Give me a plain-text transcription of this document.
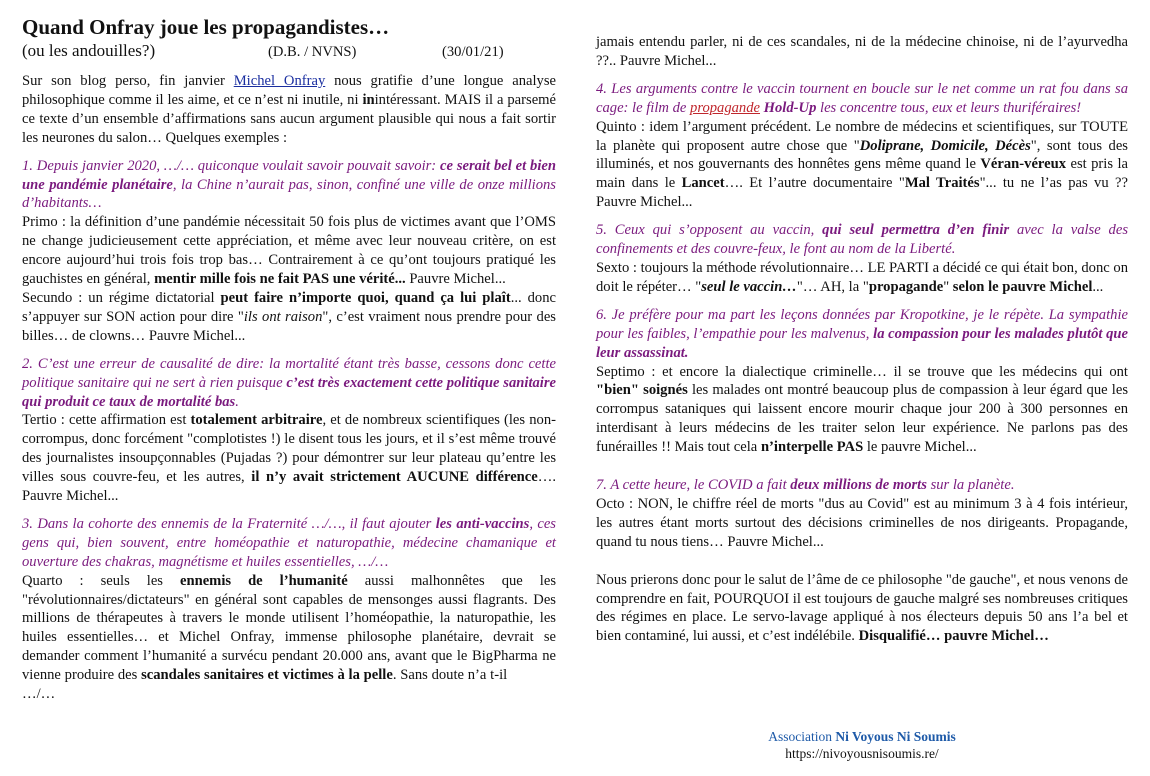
Quand Onfray joue les propagandistes…
(ou les andouilles?)	(D.B. / NVNS)	(30/01/21)

Sur son blog perso, fin janvier Michel Onfray nous gratifie d’une longue analyse philosophique comme il les aime, et ce n’est ni inutile, ni inintéressant. MAIS il a parsemé ce texte d’un ensemble d’affirmations sans aucun argument plausible qui nous a fait sortir les neurones du salon… Quelques exemples :

1. Depuis janvier 2020, …/… quiconque voulait savoir pouvait savoir: ce serait bel et bien une pandémie planétaire, la Chine n’aurait pas, sinon, confiné une ville de onze millions d’habitants…

Primo : la définition d’une pandémie nécessitait 50 fois plus de victimes avant que l’OMS ne change judicieusement cette appréciation, et même avec leur nouveau critère, on est encore aujourd’hui trois fois trop bas… Contrairement à ce qu’ont toujours pratiqué les gauchistes en général, mentir mille fois ne fait PAS une vérité... Pauvre Michel...

Secundo : un régime dictatorial peut faire n’importe quoi, quand ça lui plaît... donc s’appuyer sur SON action pour dire "ils ont raison", c’est vraiment nous prendre pour des billes… de clowns… Pauvre Michel...

2. C’est une erreur de causalité de dire: la mortalité étant très basse, cessons donc cette politique sanitaire qui ne sert à rien puisque c’est très exactement cette politique sanitaire qui produit ce taux de mortalité bas.

Tertio : cette affirmation est totalement arbitraire, et de nombreux scientifiques (les non-corrompus, donc forcément "complotistes !) le disent tous les jours, et il s’est même trouvé des journalistes insoupçonnables (Pujadas ?) pour démontrer sur leur plateau qu’entre les villes sous couvre-feu, et les autres, il n’y avait strictement AUCUNE différence…. Pauvre Michel...

3. Dans la cohorte des ennemis de la Fraternité …/…, il faut ajouter les anti-vaccins, ces gens qui, bien souvent, entre homéopathie et naturopathie, médecine chamanique et ouverture des chakras, magnétisme et huiles essentielles, …/…

Quarto : seuls les ennemis de l’humanité aussi malhonnêtes que les "révolutionnaires/dictateurs" en général sont capables de mensonges aussi flagrants. Des millions de thérapeutes à travers le monde utilisent l’homéopathie, la naturopathie, les huiles essentielles… et Michel Onfray, immense philosophe planétaire, devrait se demander comment l’humanité a survécu pendant 20.000 ans, avant que le BigPharma ne vienne produire des scandales sanitaires et victimes à la pelle. Sans doute n’a t-il              …/…

jamais entendu parler, ni de ces scandales, ni de la médecine chinoise, ni de l’ayurvedha ??.. Pauvre Michel...

4. Les arguments contre le vaccin tournent en boucle sur le net comme un rat fou dans sa cage: le film de propagande Hold-Up les concentre tous, eux et leurs thuriféraires!

Quinto : idem l’argument précédent. Le nombre de médecins et scientifiques, sur TOUTE la planète qui proposent autre chose que "Doliprane, Domicile, Décès", sont tous des illuminés, et nos gouvernants des honnêtes gens même quand le Véran-véreux est pris la main dans le Lancet…. Et l’autre documentaire "Mal Traités"... tu ne l’as pas vu ?? Pauvre Michel...

5. Ceux qui s’opposent au vaccin, qui seul permettra d’en finir avec la valse des confinements et des couvre-feux, le font au nom de la Liberté.

Sexto : toujours la méthode révolutionnaire… LE PARTI a décidé ce qui était bon, donc on doit le répéter… "seul le vaccin…"… AH, la "propagande" selon le pauvre Michel...

6. Je préfère pour ma part les leçons données par Kropotkine, je le répète. La sympathie pour les faibles, l’empathie pour les malvenus, la compassion pour les malades plutôt que leur assassinat.

Septimo : et encore la dialectique criminelle… il se trouve que les médecins qui ont "bien" soignés les malades ont montré beaucoup plus de compassion à leur égard que les corrompus sataniques qui laissent encore mourir chaque jour 200 à 300 personnes en interdisant à leurs médecins de les traiter selon leur expérience. Ne parlons pas des funérailles !! Mais tout cela n’interpelle PAS le pauvre Michel...

7. A cette heure, le COVID a fait deux millions de morts sur la planète.

Octo : NON, le chiffre réel de morts "dus au Covid" est au minimum 3 à 4 fois intérieur, les autres étant morts surtout des décisions criminelles de nos dirigeants. Propagande, quand tu nous tiens… Pauvre Michel...

Nous prierons donc pour le salut de l’âme de ce philosophe "de gauche", et nous venons de comprendre en fait, POURQUOI il est toujours de gauche malgré ses nombreuses critiques des régimes en place. Le servo-lavage appliqué à nos électeurs depuis 50 ans l’a bel et bien contaminé, lui aussi, et c’est indélébile. Disqualifié… pauvre Michel…

Association Ni Voyous Ni Soumis
https://nivoyousnisoumis.re/
